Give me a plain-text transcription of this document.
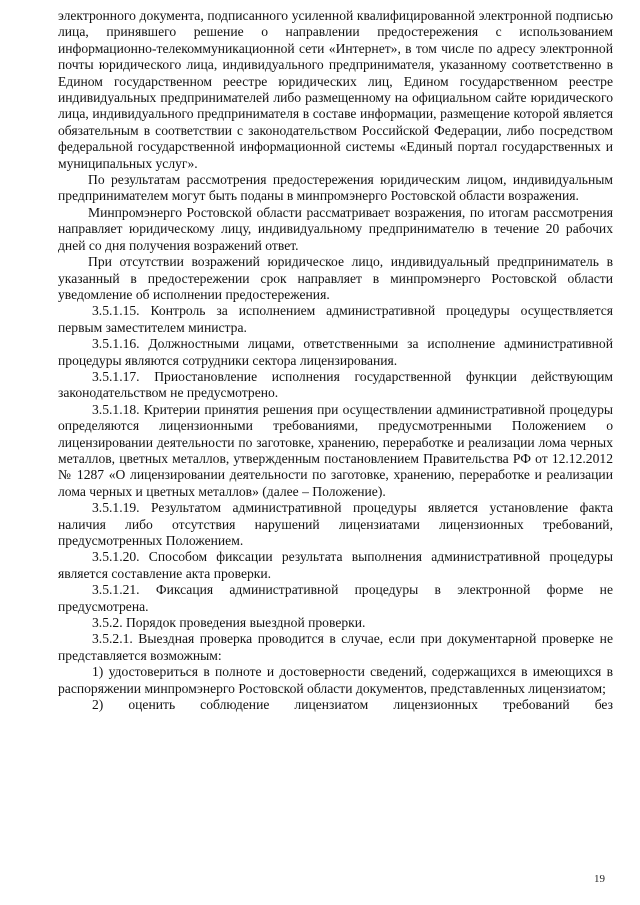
электронного документа, подписанного усиленной квалифицированной электронной подписью лица, принявшего решение о направлении предостережения с использованием информационно-телекоммуникационной сети «Интернет», в том числе по адресу электронной почты юридического лица, индивидуального предпринимателя, указанному соответственно в Едином государственном реестре юридических лиц, Едином государственном реестре индивидуальных предпринимателей либо размещенному на официальном сайте юридического лица, индивидуального предпринимателя в составе информации, размещение которой является обязательным в соответствии с законодательством Российской Федерации, либо посредством федеральной государственной информационной системы «Единый портал государственных и муниципальных услуг».

По результатам рассмотрения предостережения юридическим лицом, индивидуальным предпринимателем могут быть поданы в минпромэнерго Ростовской области возражения.

Минпромэнерго Ростовской области рассматривает возражения, по итогам рассмотрения направляет юридическому лицу, индивидуальному предпринимателю в течение 20 рабочих дней со дня получения возражений ответ.

При отсутствии возражений юридическое лицо, индивидуальный предприниматель в указанный в предостережении срок направляет в минпромэнерго Ростовской области уведомление об исполнении предостережения.

3.5.1.15. Контроль за исполнением административной процедуры осуществляется первым заместителем министра.

3.5.1.16. Должностными лицами, ответственными за исполнение административной процедуры являются сотрудники сектора лицензирования.

3.5.1.17. Приостановление исполнения государственной функции действующим законодательством не предусмотрено.

3.5.1.18. Критерии принятия решения при осуществлении административной процедуры определяются лицензионными требованиями, предусмотренными Положением о лицензировании деятельности по заготовке, хранению, переработке и реализации лома черных металлов, цветных металлов, утвержденным постановлением Правительства РФ от 12.12.2012 № 1287 «О лицензировании деятельности по заготовке, хранению, переработке и реализации лома черных и цветных металлов» (далее – Положение).

3.5.1.19. Результатом административной процедуры является установление факта наличия либо отсутствия нарушений лицензиатами лицензионных требований, предусмотренных Положением.

3.5.1.20. Способом фиксации результата выполнения административной процедуры является составление акта проверки.

3.5.1.21. Фиксация административной процедуры в электронной форме не предусмотрена.

3.5.2. Порядок проведения выездной проверки.

3.5.2.1. Выездная проверка проводится в случае, если при документарной проверке не представляется возможным:

1) удостовериться в полноте и достоверности сведений, содержащихся в имеющихся в распоряжении минпромэнерго Ростовской области документов, представленных лицензиатом;

2) оценить соблюдение лицензиатом лицензионных требований без

19
